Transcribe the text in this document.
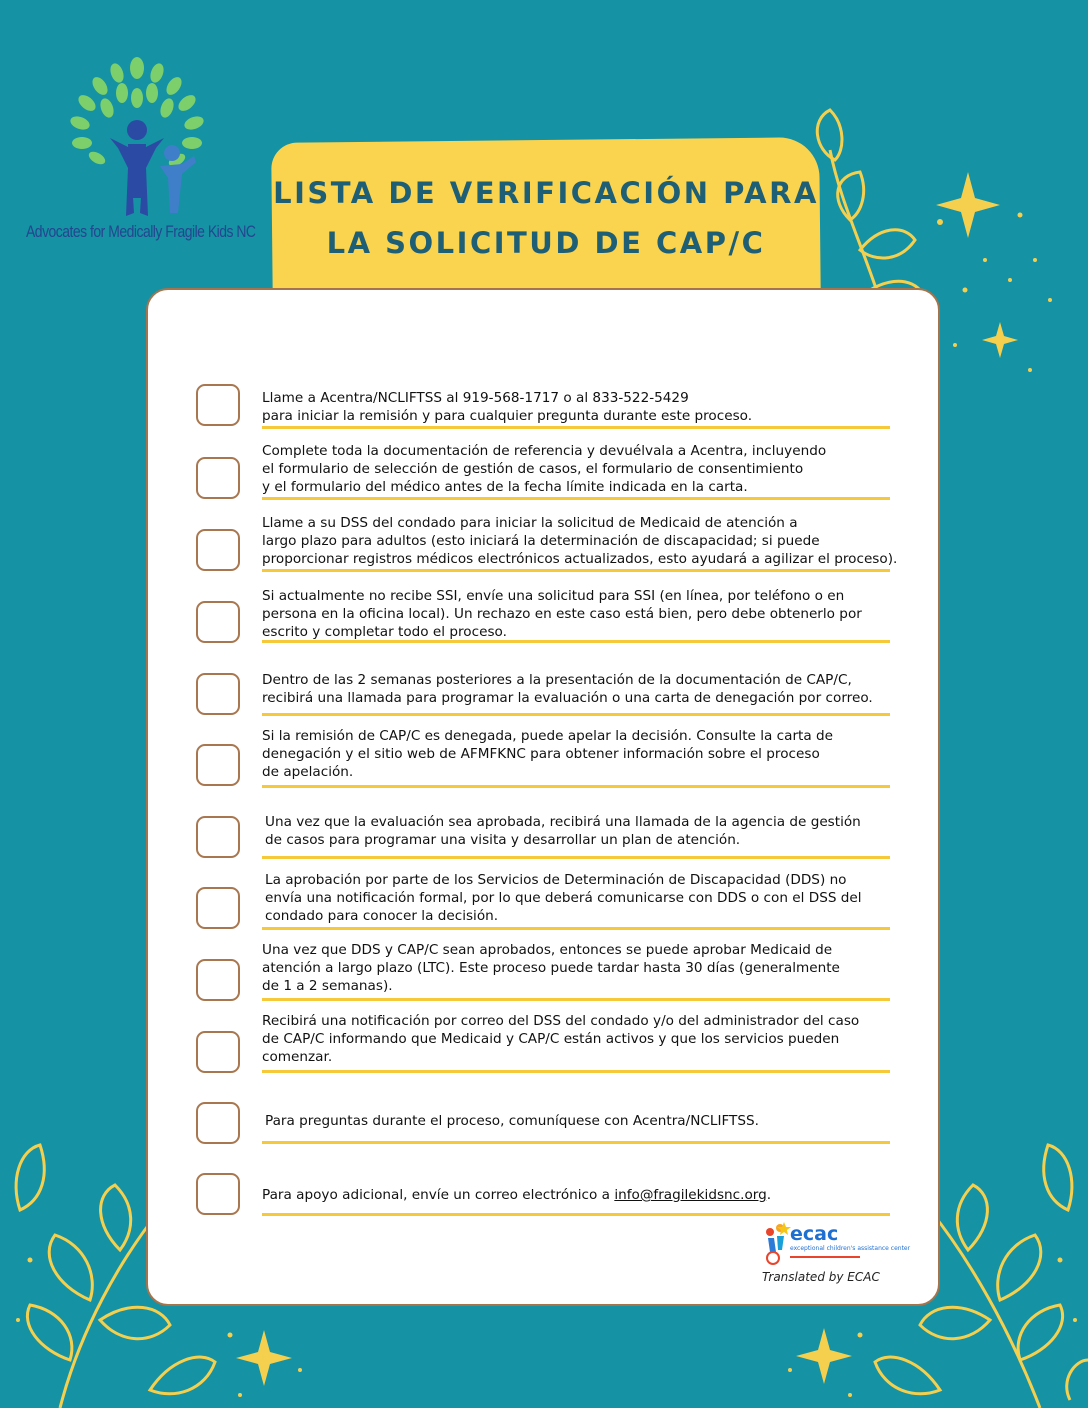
Advocates for Medically Fragile Kids NC
LISTA DE VERIFICACIÓN PARA
LA SOLICITUD DE CAP/C
Llame a Acentra/NCLIFTSS al 919-568-1717 o al 833-522-5429
para iniciar la remisión y para cualquier pregunta durante este proceso.
Complete toda la documentación de referencia y devuélvala a Acentra, incluyendo
el formulario de selección de gestión de casos, el formulario de consentimiento
y el formulario del médico antes de la fecha límite indicada en la carta.
Llame a su DSS del condado para iniciar la solicitud de Medicaid de atención a
largo plazo para adultos (esto iniciará la determinación de discapacidad; si puede
proporcionar registros médicos electrónicos actualizados, esto ayudará a agilizar el proceso).
Si actualmente no recibe SSI, envíe una solicitud para SSI (en línea, por teléfono o en
persona en la oficina local). Un rechazo en este caso está bien, pero debe obtenerlo por
escrito y completar todo el proceso.
Dentro de las 2 semanas posteriores a la presentación de la documentación de CAP/C,
recibirá una llamada para programar la evaluación o una carta de denegación por correo.
Si la remisión de CAP/C es denegada, puede apelar la decisión. Consulte la carta de
denegación y el sitio web de AFMFKNC para obtener información sobre el proceso
de apelación.
Una vez que la evaluación sea aprobada, recibirá una llamada de la agencia de gestión
de casos para programar una visita y desarrollar un plan de atención.
La aprobación por parte de los Servicios de Determinación de Discapacidad (DDS) no
envía una notificación formal, por lo que deberá comunicarse con DDS o con el DSS del
condado para conocer la decisión.
Una vez que DDS y CAP/C sean aprobados, entonces se puede aprobar Medicaid de
atención a largo plazo (LTC). Este proceso puede tardar hasta 30 días (generalmente
de 1 a 2 semanas).
Recibirá una notificación por correo del DSS del condado y/o del administrador del caso
de CAP/C informando que Medicaid y CAP/C están activos y que los servicios pueden
comenzar.
Para preguntas durante el proceso, comuníquese con Acentra/NCLIFTSS.
Para apoyo adicional, envíe un correo electrónico a info@fragilekidsnc.org.
ecac
exceptional children's assistance center
Translated by ECAC
